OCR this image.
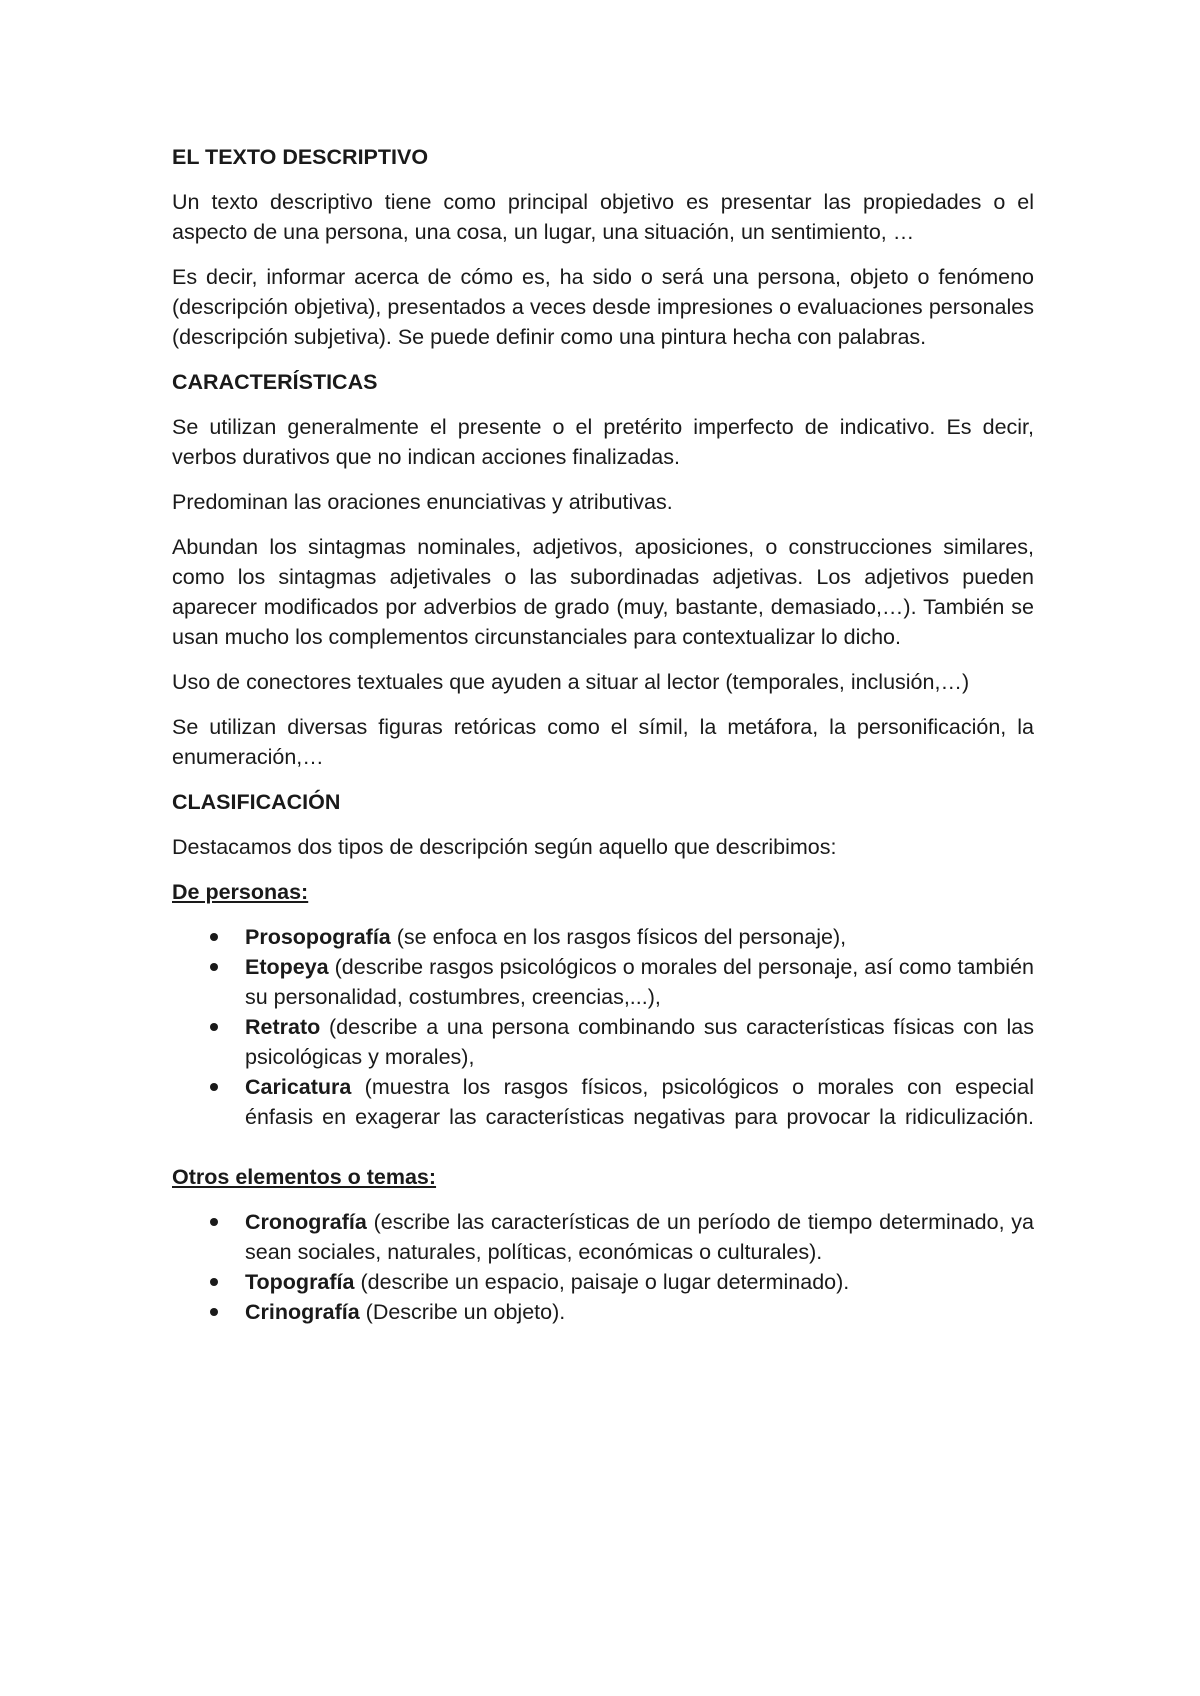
EL TEXTO DESCRIPTIVO
Un texto descriptivo tiene como principal objetivo es presentar las propiedades o el aspecto de una persona, una cosa, un lugar, una situación, un sentimiento, …
Es decir, informar acerca de cómo es, ha sido o será una persona, objeto o fenómeno (descripción objetiva), presentados a veces desde impresiones o evaluaciones personales (descripción subjetiva). Se puede definir como una pintura hecha con palabras.
CARACTERÍSTICAS
Se utilizan generalmente el presente o el pretérito imperfecto de indicativo. Es decir, verbos durativos que no indican acciones finalizadas.
Predominan las oraciones enunciativas y atributivas.
Abundan los sintagmas nominales, adjetivos, aposiciones, o construcciones similares, como los sintagmas adjetivales o las subordinadas adjetivas. Los adjetivos pueden aparecer modificados por adverbios de grado (muy, bastante, demasiado,…). También se usan mucho los complementos circunstanciales para contextualizar lo dicho.
Uso de conectores textuales que ayuden a situar al lector (temporales, inclusión,…)
Se utilizan diversas figuras retóricas como el símil, la metáfora, la personificación, la enumeración,…
CLASIFICACIÓN
Destacamos dos tipos de descripción según aquello que describimos:
De personas:
Prosopografía (se enfoca en los rasgos físicos del personaje),
Etopeya (describe rasgos psicológicos o morales del personaje, así como también su personalidad, costumbres, creencias,...),
Retrato (describe a una persona combinando sus características físicas con las psicológicas y morales),
Caricatura (muestra los rasgos físicos, psicológicos o morales con especial énfasis en exagerar las características negativas para provocar la ridiculización.
Otros elementos o temas:
Cronografía (escribe las características de un período de tiempo determinado, ya sean sociales, naturales, políticas, económicas o culturales).
Topografía (describe un espacio, paisaje o lugar determinado).
Crinografía (Describe un objeto).
